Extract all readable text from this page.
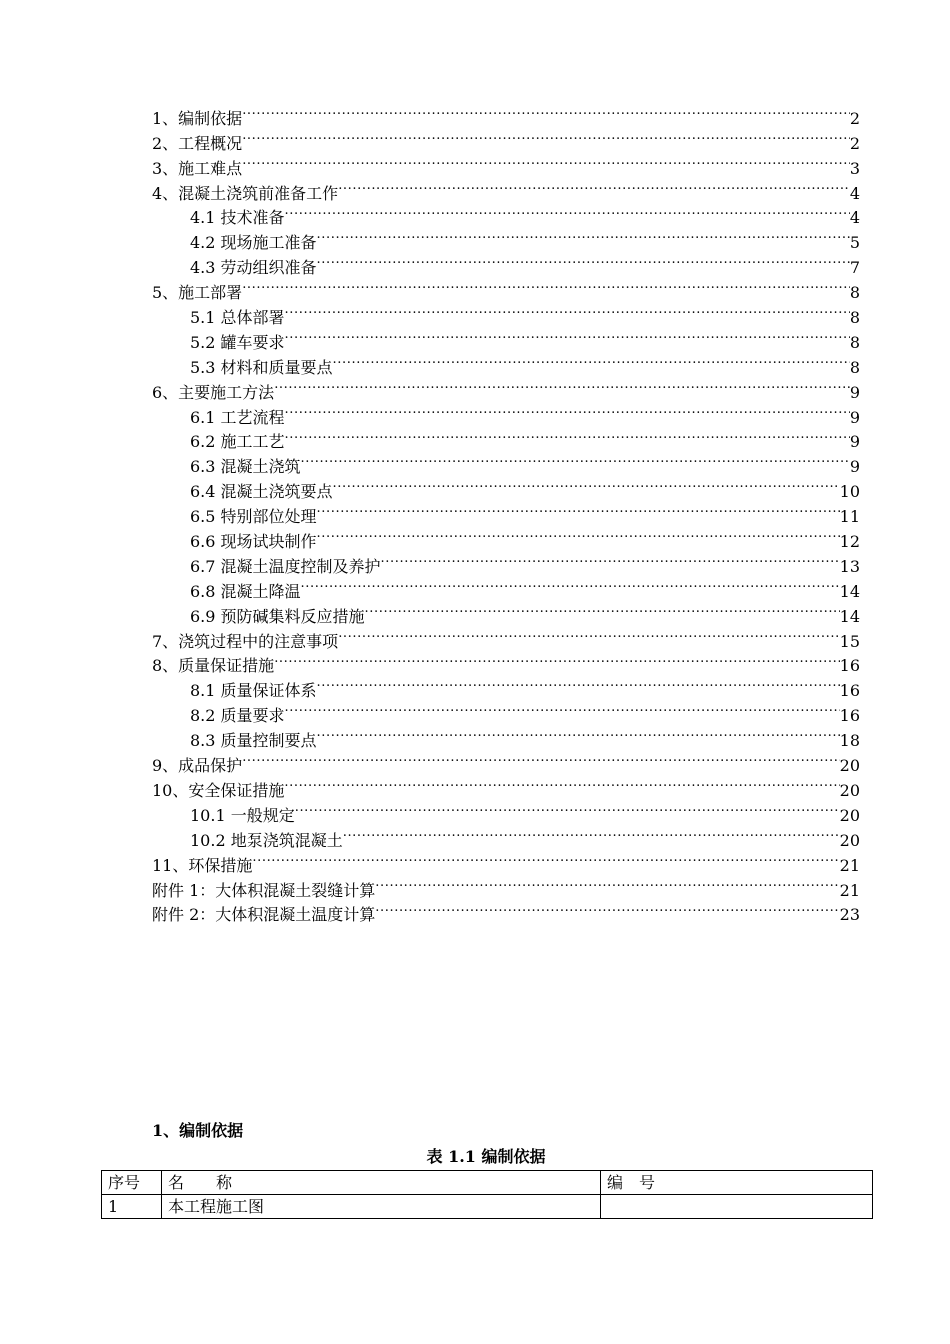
1、编制依据 .....	2
2、工程概况 .....	2
3、施工难点 .....	3
4、混凝土浇筑前准备工作 .....	4
4.1 技术准备 .....	4
4.2 现场施工准备 .....	5
4.3 劳动组织准备 .....	7
5、施工部署 .....	8
5.1 总体部署 .....	8
5.2 罐车要求 .....	8
5.3 材料和质量要点 .....	8
6、主要施工方法 .....	9
6.1 工艺流程 .....	9
6.2 施工工艺 .....	9
6.3 混凝土浇筑 .....	9
6.4 混凝土浇筑要点 .....	10
6.5 特别部位处理 .....	11
6.6 现场试块制作 .....	12
6.7 混凝土温度控制及养护 .....	13
6.8 混凝土降温 .....	14
6.9 预防碱集料反应措施 .....	14
7、浇筑过程中的注意事项 .....	15
8、质量保证措施 .....	16
8.1 质量保证体系 .....	16
8.2 质量要求 .....	16
8.3 质量控制要点 .....	18
9、成品保护 .....	20
10、安全保证措施 .....	20
10.1 一般规定 .....	20
10.2 地泵浇筑混凝土 .....	20
11、环保措施 .....	21
附件 1：大体积混凝土裂缝计算 .....	21
附件 2：大体积混凝土温度计算 .....	23
1、编制依据
表 1.1 编制依据
序号	名　　称	编　号
1	本工程施工图	
